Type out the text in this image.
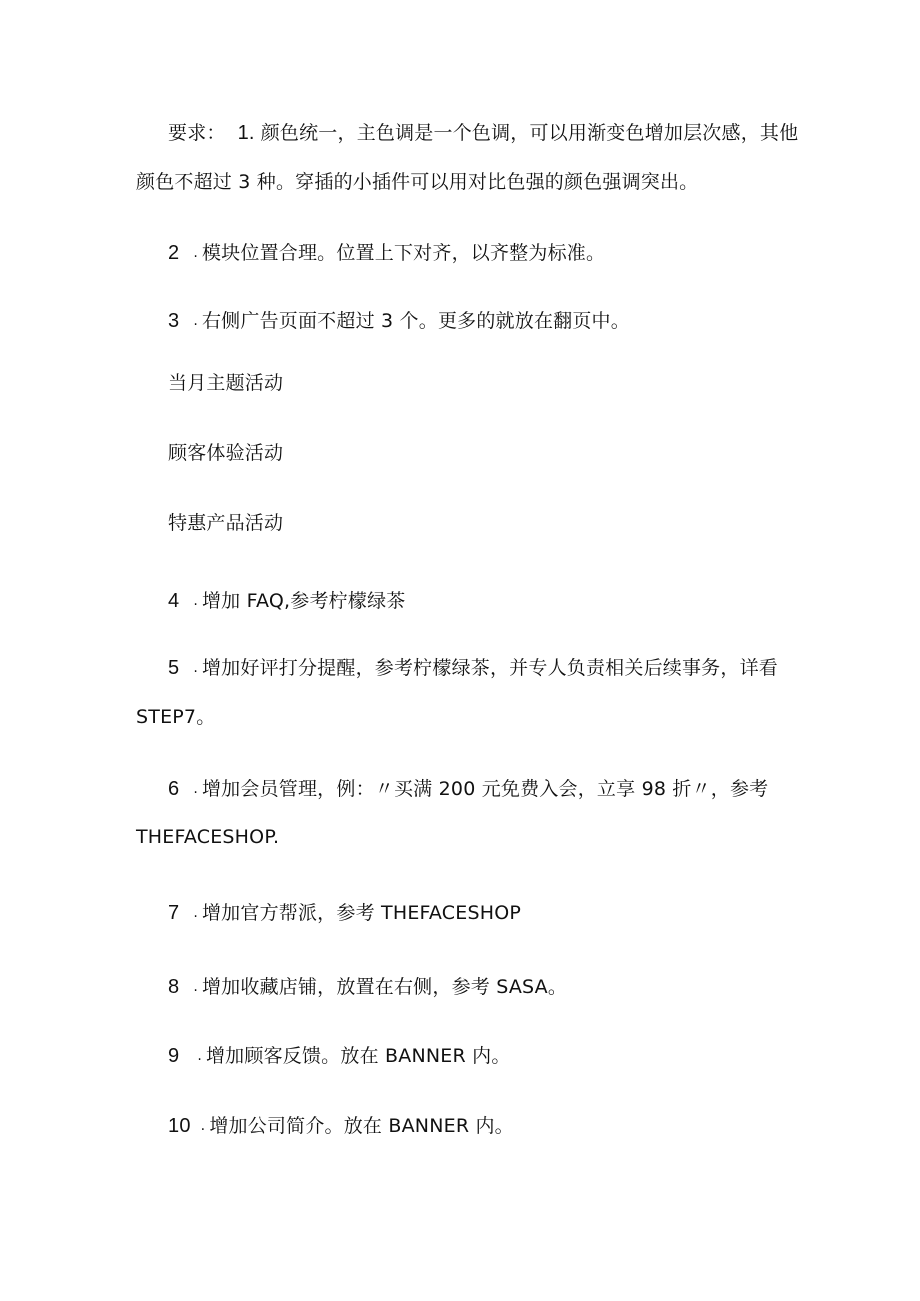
要求： 1. 颜色统一，主色调是一个色调，可以用渐变色增加层次感，其他
颜色不超过 3 种。穿插的小插件可以用对比色强的颜色强调突出。
2 . 模块位置合理。位置上下对齐，以齐整为标准。
3 . 右侧广告页面不超过 3 个。更多的就放在翻页中。
当月主题活动
顾客体验活动
特惠产品活动
4 . 增加 FAQ,参考柠檬绿茶
5 . 增加好评打分提醒，参考柠檬绿茶，并专人负责相关后续事务，详看
STEP7。
6 . 增加会员管理，例：〃买满 200 元免费入会，立享 98 折〃，参考
THEFACESHOP.
7 . 增加官方帮派，参考 THEFACESHOP
8 . 增加收藏店铺，放置在右侧，参考 SASA。
9 . 增加顾客反馈。放在 BANNER 内。
10 . 增加公司简介。放在 BANNER 内。
